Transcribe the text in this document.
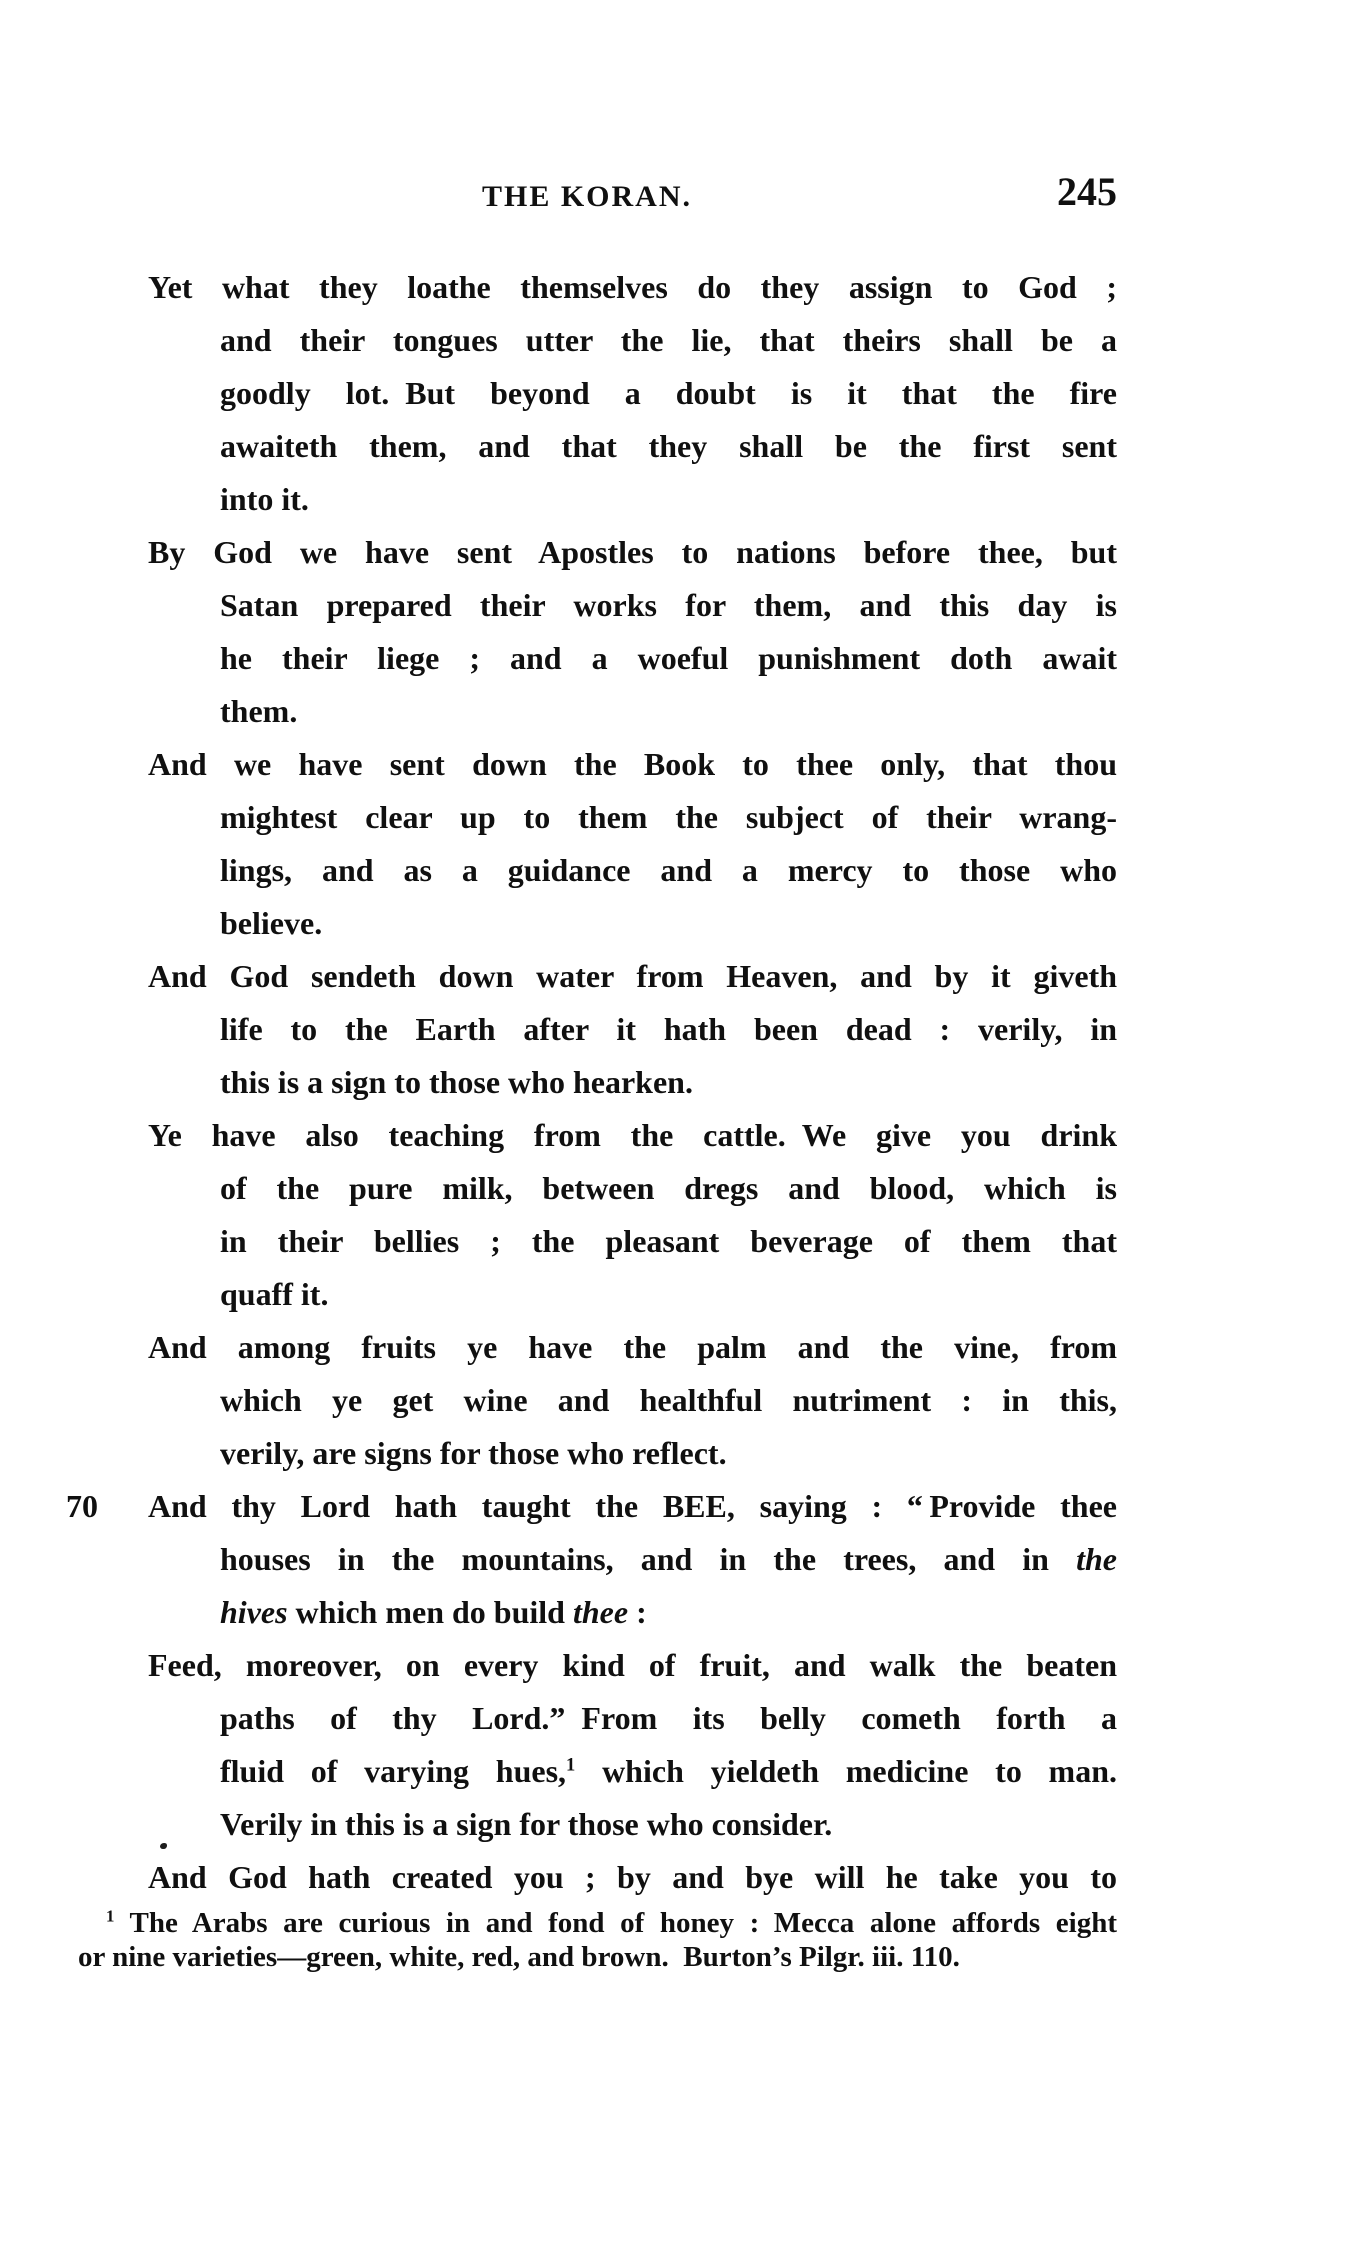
THE KORAN.	245
Yet what they loathe themselves do they assign to God ;
and their tongues utter the lie, that theirs shall be a
goodly lot. But beyond a doubt is it that the fire
awaiteth them, and that they shall be the first sent
into it.
By God we have sent Apostles to nations before thee, but
Satan prepared their works for them, and this day is
he their liege ; and a woeful punishment doth await
them.
And we have sent down the Book to thee only, that thou
mightest clear up to them the subject of their wrang-
lings, and as a guidance and a mercy to those who
believe.
And God sendeth down water from Heaven, and by it giveth
life to the Earth after it hath been dead : verily, in
this is a sign to those who hearken.
Ye have also teaching from the cattle. We give you drink
of the pure milk, between dregs and blood, which is
in their bellies ; the pleasant beverage of them that
quaff it.
And among fruits ye have the palm and the vine, from
which ye get wine and healthful nutriment : in this,
verily, are signs for those who reflect.
70 And thy Lord hath taught the BEE, saying : “ Provide thee
houses in the mountains, and in the trees, and in the
hives which men do build thee :
Feed, moreover, on every kind of fruit, and walk the beaten
paths of thy Lord.” From its belly cometh forth a
fluid of varying hues,$^1$ which yieldeth medicine to man.
Verily in this is a sign for those who consider.
And God hath created you ; by and bye will he take you to
$^1$ The Arabs are curious in and fond of honey : Mecca alone affords eight
or nine varieties—green, white, red, and brown. Burton’s Pilgr. iii. 110.
